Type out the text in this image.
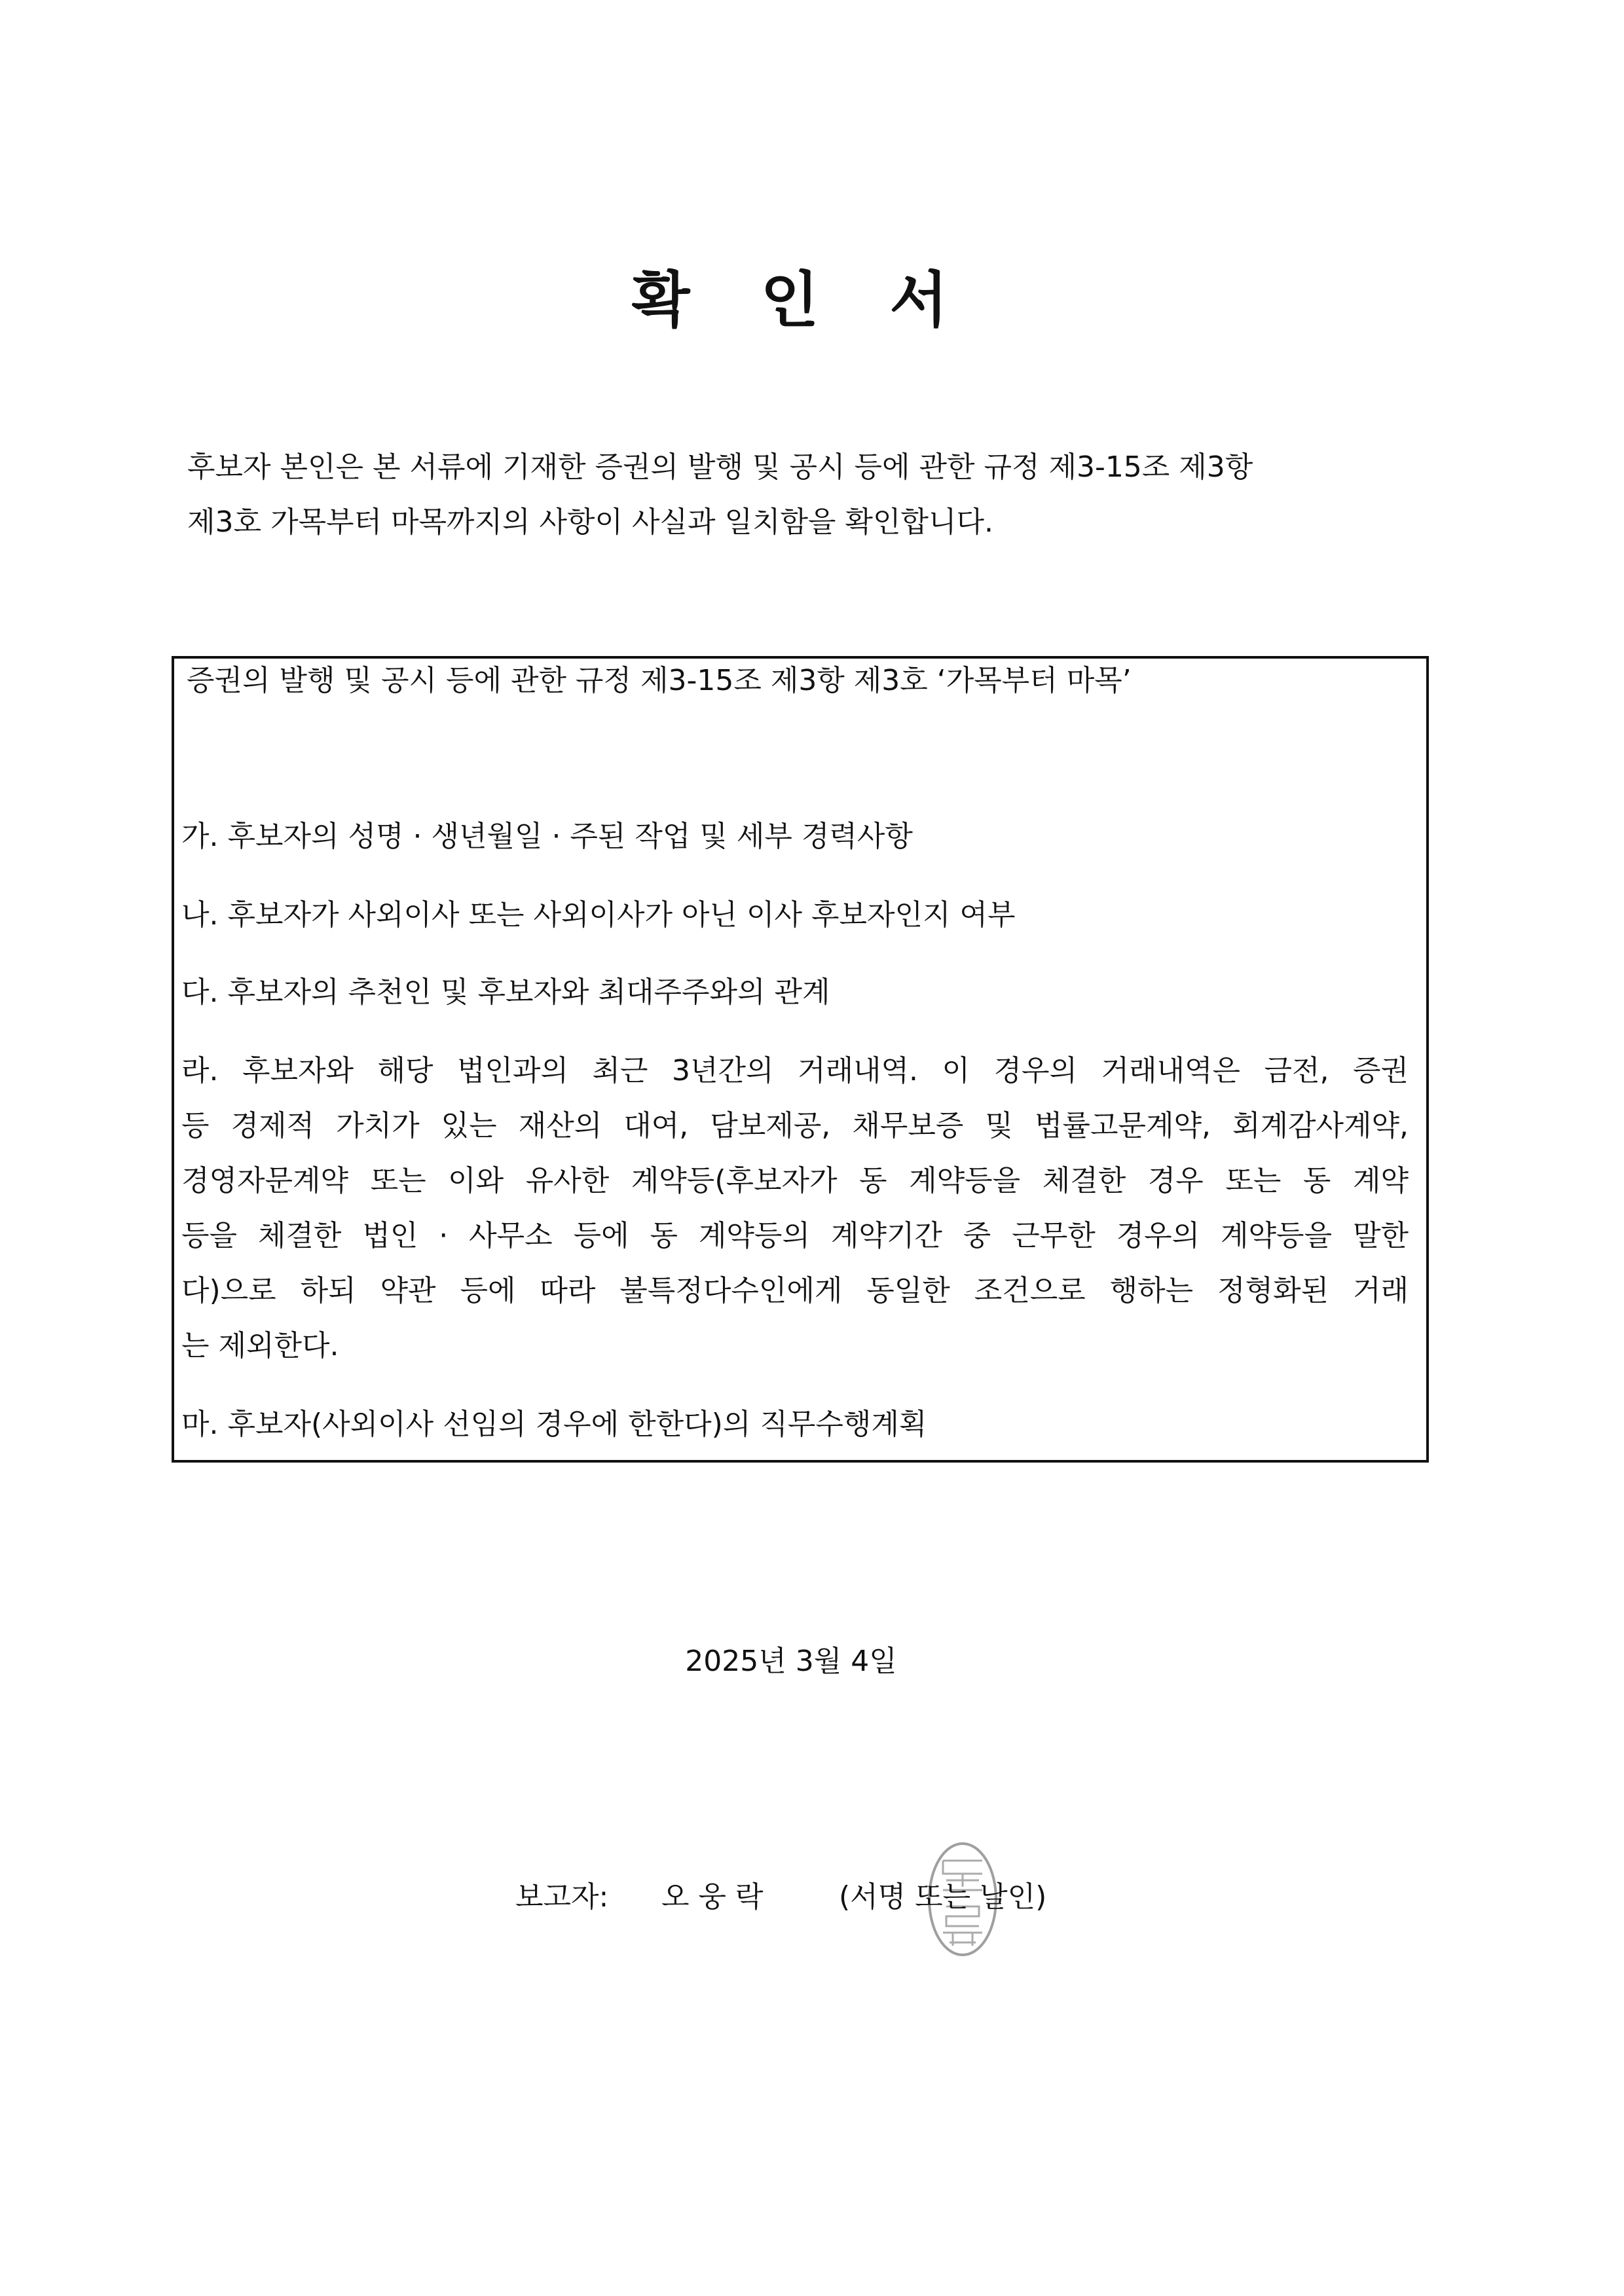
확 인 서
후보자 본인은 본 서류에 기재한 증권의 발행 및 공시 등에 관한 규정 제3-15조 제3항
제3호 가목부터 마목까지의 사항이 사실과 일치함을 확인합니다.
증권의 발행 및 공시 등에 관한 규정 제3-15조 제3항 제3호 ‘가목부터 마목’
가. 후보자의 성명 · 생년월일 · 주된 작업 및 세부 경력사항
나. 후보자가 사외이사 또는 사외이사가 아닌 이사 후보자인지 여부
다. 후보자의 추천인 및 후보자와 최대주주와의 관계
라. 후보자와 해당 법인과의 최근 3년간의 거래내역. 이 경우의 거래내역은 금전, 증권
등 경제적 가치가 있는 재산의 대여, 담보제공, 채무보증 및 법률고문계약, 회계감사계약,
경영자문계약 또는 이와 유사한 계약등(후보자가 동 계약등을 체결한 경우 또는 동 계약
등을 체결한 법인 · 사무소 등에 동 계약등의 계약기간 중 근무한 경우의 계약등을 말한
다)으로 하되 약관 등에 따라 불특정다수인에게 동일한 조건으로 행하는 정형화된 거래
는 제외한다.
마. 후보자(사외이사 선임의 경우에 한한다)의 직무수행계획
2025년 3월 4일
보고자: 오 웅 락	(서명 또는 날인)
